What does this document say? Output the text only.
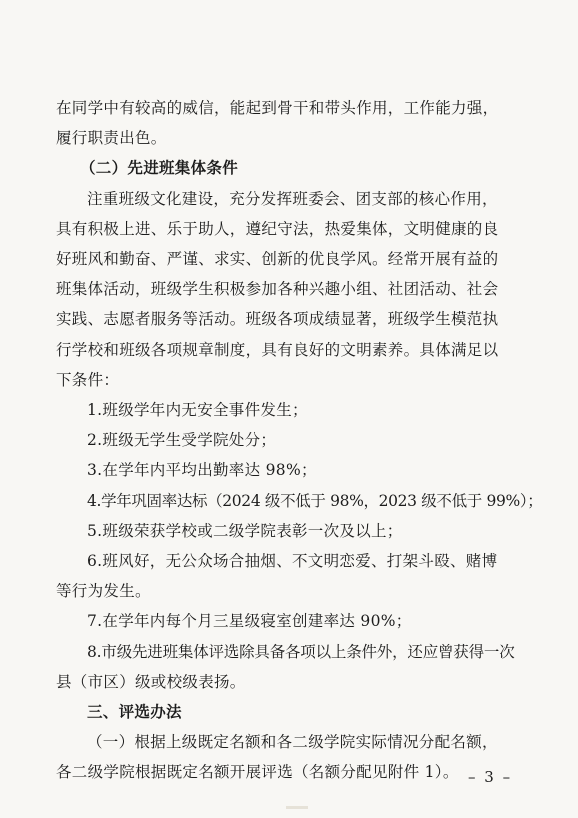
在同学中有较高的威信，能起到骨干和带头作用，工作能力强，

履行职责出色。

（二）先进班集体条件

注重班级文化建设，充分发挥班委会、团支部的核心作用，

具有积极上进、乐于助人，遵纪守法，热爱集体，文明健康的良

好班风和勤奋、严谨、求实、创新的优良学风。经常开展有益的

班集体活动，班级学生积极参加各种兴趣小组、社团活动、社会

实践、志愿者服务等活动。班级各项成绩显著，班级学生模范执

行学校和班级各项规章制度，具有良好的文明素养。具体满足以

下条件：

1.班级学年内无安全事件发生；

2.班级无学生受学院处分；

3.在学年内平均出勤率达 98%；

4.学年巩固率达标（2024 级不低于 98%，2023 级不低于 99%）；

5.班级荣获学校或二级学院表彰一次及以上；

6.班风好，无公众场合抽烟、不文明恋爱、打架斗殴、赌博

等行为发生。

7.在学年内每个月三星级寝室创建率达 90%；

8.市级先进班集体评选除具备各项以上条件外，还应曾获得一次

县（市区）级或校级表扬。

三、评选办法

（一）根据上级既定名额和各二级学院实际情况分配名额，

各二级学院根据既定名额开展评选（名额分配见附件 1）。 – 3 –
